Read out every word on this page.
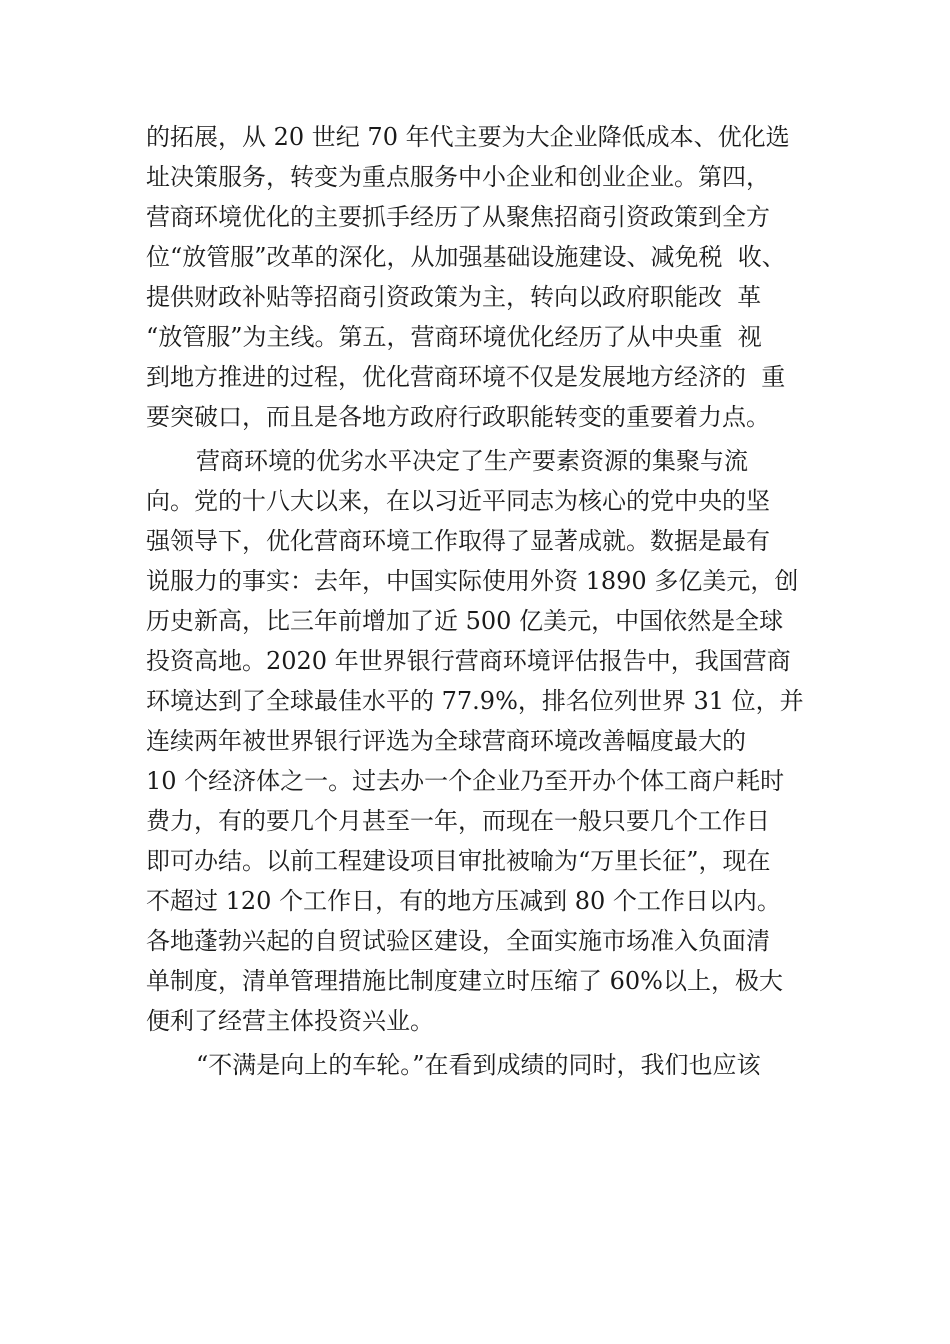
的拓展，从 20 世纪 70 年代主要为大企业降低成本、优化选
址决策服务，转变为重点服务中小企业和创业企业。第四，
营商环境优化的主要抓手经历了从聚焦招商引资政策到全方
位“放管服”改革的深化，从加强基础设施建设、减免税  收、
提供财政补贴等招商引资政策为主，转向以政府职能改  革
“放管服”为主线。第五，营商环境优化经历了从中央重  视
到地方推进的过程，优化营商环境不仅是发展地方经济的  重
要突破口，而且是各地方政府行政职能转变的重要着力点。
营商环境的优劣水平决定了生产要素资源的集聚与流
向。党的十八大以来，在以习近平同志为核心的党中央的坚
强领导下，优化营商环境工作取得了显著成就。数据是最有
说服力的事实：去年，中国实际使用外资 1890 多亿美元，创
历史新高，比三年前增加了近 500 亿美元，中国依然是全球
投资高地。2020 年世界银行营商环境评估报告中，我国营商
环境达到了全球最佳水平的 77.9%，排名位列世界 31 位，并
连续两年被世界银行评选为全球营商环境改善幅度最大的
10 个经济体之一。过去办一个企业乃至开办个体工商户耗时
费力，有的要几个月甚至一年，而现在一般只要几个工作日
即可办结。以前工程建设项目审批被喻为“万里长征”，现在
不超过 120 个工作日，有的地方压减到 80 个工作日以内。
各地蓬勃兴起的自贸试验区建设，全面实施市场准入负面清
单制度，清单管理措施比制度建立时压缩了 60%以上，极大
便利了经营主体投资兴业。
“不满是向上的车轮。”在看到成绩的同时，我们也应该
